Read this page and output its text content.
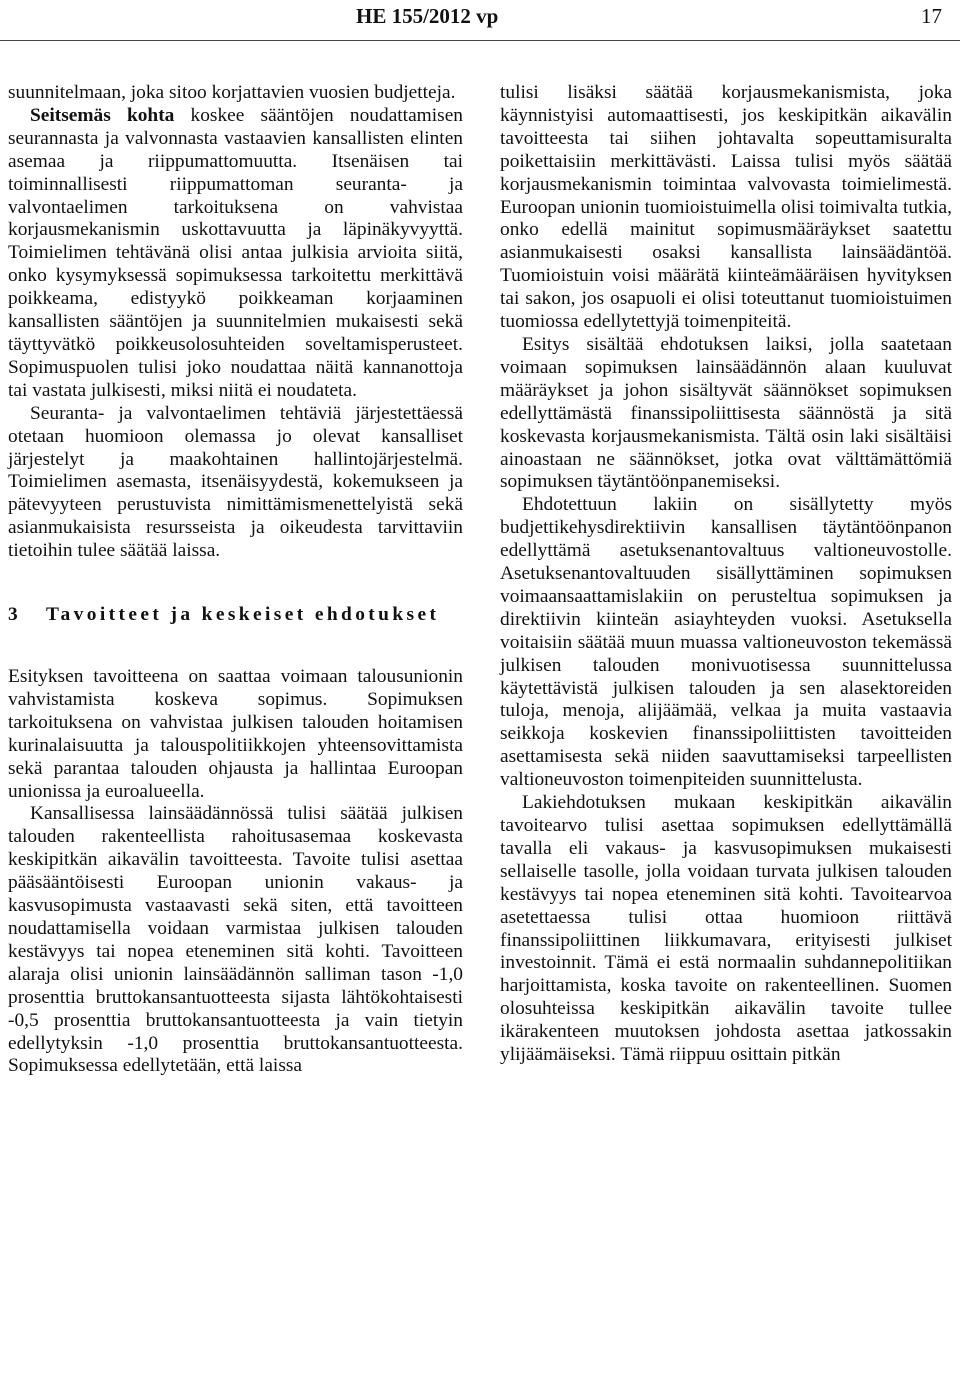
HE 155/2012 vp	17

suunnitelmaan, joka sitoo korjattavien vuosien budjetteja.

Seitsemäs kohta koskee sääntöjen noudattamisen seurannasta ja valvonnasta vastaavien kansallisten elinten asemaa ja riippumattomuutta. Itsenäisen tai toiminnallisesti riippumattoman seuranta- ja valvontaelimen tarkoituksena on vahvistaa korjausmekanismin uskottavuutta ja läpinäkyvyyttä. Toimielimen tehtävänä olisi antaa julkisia arvioita siitä, onko kysymyksessä sopimuksessa tarkoitettu merkittävä poikkeama, edistyykö poikkeaman korjaaminen kansallisten sääntöjen ja suunnitelmien mukaisesti sekä täyttyvätkö poikkeusolosuhteiden soveltamisperusteet. Sopimuspuolen tulisi joko noudattaa näitä kannanottoja tai vastata julkisesti, miksi niitä ei noudateta.

Seuranta- ja valvontaelimen tehtäviä järjestettäessä otetaan huomioon olemassa jo olevat kansalliset järjestelyt ja maakohtainen hallintojärjestelmä. Toimielimen asemasta, itsenäisyydestä, kokemukseen ja pätevyyteen perustuvista nimittämismenettelyistä sekä asianmukaisista resursseista ja oikeudesta tarvittaviin tietoihin tulee säätää laissa.

3	Tavoitteet ja keskeiset ehdotukset

Esityksen tavoitteena on saattaa voimaan talousunionin vahvistamista koskeva sopimus. Sopimuksen tarkoituksena on vahvistaa julkisen talouden hoitamisen kurinalaisuutta ja talouspolitiikkojen yhteensovittamista sekä parantaa talouden ohjausta ja hallintaa Euroopan unionissa ja euroalueella.

Kansallisessa lainsäädännössä tulisi säätää julkisen talouden rakenteellista rahoitusasemaa koskevasta keskipitkän aikavälin tavoitteesta. Tavoite tulisi asettaa pääsääntöisesti Euroopan unionin vakaus- ja kasvusopimusta vastaavasti sekä siten, että tavoitteen noudattamisella voidaan varmistaa julkisen talouden kestävyys tai nopea eteneminen sitä kohti. Tavoitteen alaraja olisi unionin lainsäädännön salliman tason -1,0 prosenttia bruttokansantuotteesta sijasta lähtökohtaisesti -0,5 prosenttia bruttokansantuotteesta ja vain tietyin edellytyksin -1,0 prosenttia bruttokansantuotteesta. Sopimuksessa edellytetään, että laissa

tulisi lisäksi säätää korjausmekanismista, joka käynnistyisi automaattisesti, jos keskipitkän aikavälin tavoitteesta tai siihen johtavalta sopeuttamisuralta poikettaisiin merkittävästi. Laissa tulisi myös säätää korjausmekanismin toimintaa valvovasta toimielimestä. Euroopan unionin tuomioistuimella olisi toimivalta tutkia, onko edellä mainitut sopimusmääräykset saatettu asianmukaisesti osaksi kansallista lainsäädäntöä. Tuomioistuin voisi määrätä kiinteämääräisen hyvityksen tai sakon, jos osapuoli ei olisi toteuttanut tuomioistuimen tuomiossa edellytettyjä toimenpiteitä.

Esitys sisältää ehdotuksen laiksi, jolla saatetaan voimaan sopimuksen lainsäädännön alaan kuuluvat määräykset ja johon sisältyvät säännökset sopimuksen edellyttämästä finanssipoliittisesta säännöstä ja sitä koskevasta korjausmekanismista. Tältä osin laki sisältäisi ainoastaan ne säännökset, jotka ovat välttämättömiä sopimuksen täytäntöönpanemiseksi.

Ehdotettuun lakiin on sisällytetty myös budjettikehysdirektiivin kansallisen täytäntöönpanon edellyttämä asetuksenantovaltuus valtioneuvostolle. Asetuksenantovaltuuden sisällyttäminen sopimuksen voimaansaattamislakiin on perusteltua sopimuksen ja direktiivin kiinteän asiayhteyden vuoksi. Asetuksella voitaisiin säätää muun muassa valtioneuvoston tekemässä julkisen talouden monivuotisessa suunnittelussa käytettävistä julkisen talouden ja sen alasektoreiden tuloja, menoja, alijäämää, velkaa ja muita vastaavia seikkoja koskevien finanssipoliittisten tavoitteiden asettamisesta sekä niiden saavuttamiseksi tarpeellisten valtioneuvoston toimenpiteiden suunnittelusta.

Lakiehdotuksen mukaan keskipitkän aikavälin tavoitearvo tulisi asettaa sopimuksen edellyttämällä tavalla eli vakaus- ja kasvusopimuksen mukaisesti sellaiselle tasolle, jolla voidaan turvata julkisen talouden kestävyys tai nopea eteneminen sitä kohti. Tavoitearvoa asetettaessa tulisi ottaa huomioon riittävä finanssipoliittinen liikkumavara, erityisesti julkiset investoinnit. Tämä ei estä normaalin suhdannepolitiikan harjoittamista, koska tavoite on rakenteellinen. Suomen olosuhteissa keskipitkän aikavälin tavoite tullee ikärakenteen muutoksen johdosta asettaa jatkossakin ylijäämäiseksi. Tämä riippuu osittain pitkän
